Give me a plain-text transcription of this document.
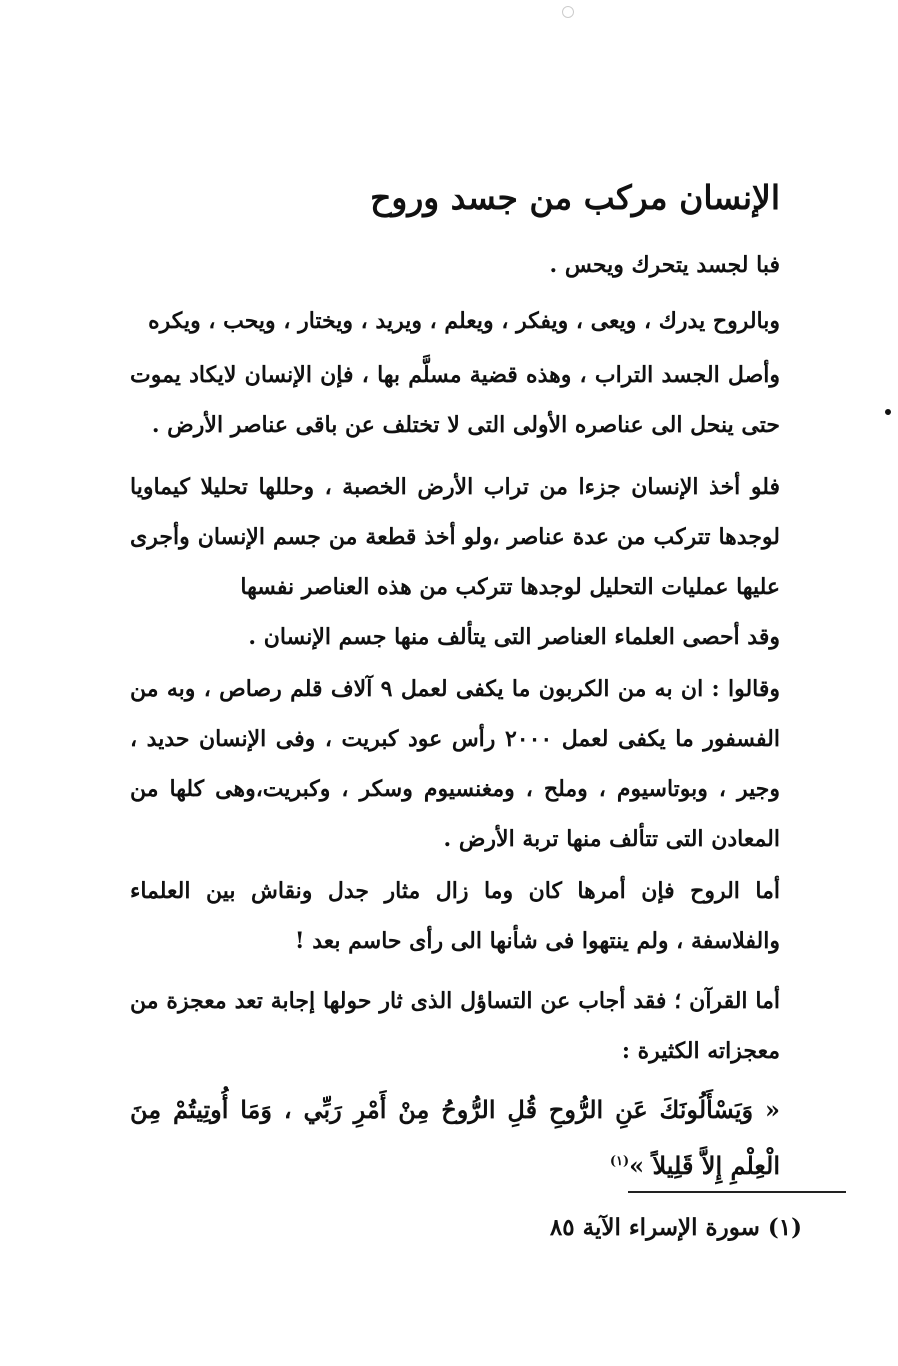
الإنسان مركب من جسد وروح
فبا لجسد يتحرك ويحس .
وبالروح يدرك ، ويعى ، ويفكر ، ويعلم ، ويريد ، ويختار ، ويحب ، ويكره
وأصل الجسد التراب ، وهذه قضية مسلَّم بها ، فإن الإنسان لايكاد يموت حتى ينحل الى عناصره الأولى التى لا تختلف عن باقى عناصر الأرض .
فلو أخذ الإنسان جزءا من تراب الأرض الخصبة ، وحللها تحليلا كيماويا لوجدها تتركب من عدة عناصر ،ولو أخذ قطعة من جسم الإنسان وأجرى عليها عمليات التحليل لوجدها تتركب من هذه العناصر نفسها
وقد أحصى العلماء العناصر التى يتألف منها جسم الإنسان .
وقالوا : ان به من الكربون ما يكفى لعمل ٩ آلاف قلم رصاص ، وبه من الفسفور ما يكفى لعمل ٢٠٠٠ رأس عود كبريت ، وفى الإنسان حديد ، وجير ، وبوتاسيوم ، وملح ، ومغنسيوم وسكر ، وكبريت،وهى كلها من المعادن التى تتألف منها تربة الأرض .
أما الروح فإن أمرها كان وما زال مثار جدل ونقاش بين العلماء والفلاسفة ، ولم ينتهوا فى شأنها الى رأى حاسم بعد !
أما القرآن ؛ فقد أجاب عن التساؤل الذى ثار حولها إجابة تعد معجزة من معجزاته الكثيرة :
« وَيَسْأَلُونَكَ عَنِ الرُّوحِ قُلِ الرُّوحُ مِنْ أَمْرِ رَبِّي ، وَمَا أُوتِيتُمْ مِنَ الْعِلْمِ إِلاَّ قَلِيلاً »$^{(١)}$
(١) سورة الإسراء الآية ٨٥
